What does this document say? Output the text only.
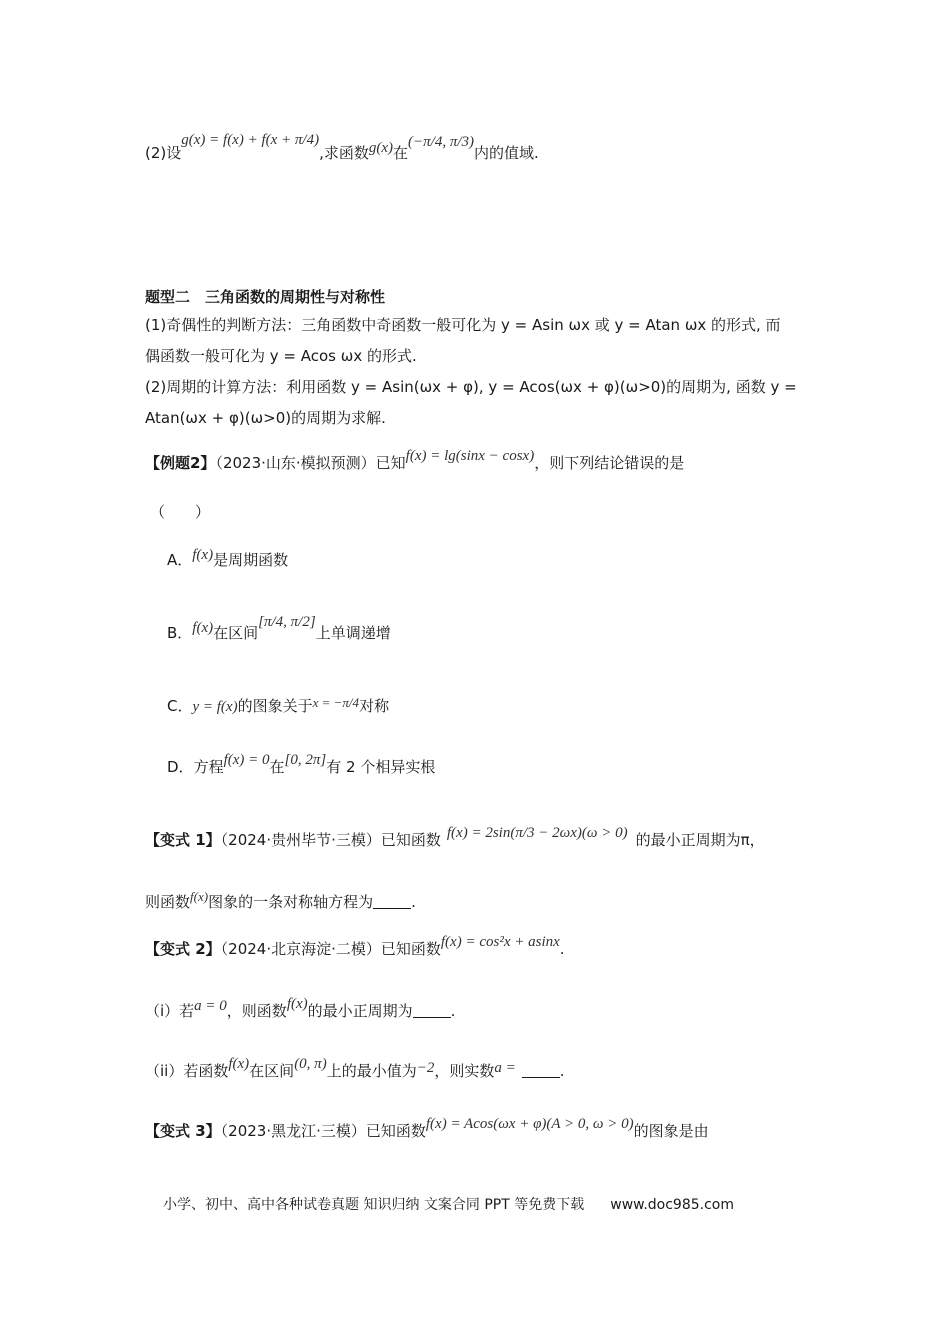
(2)设g(x) = f(x) + f(x + π/4),求函数g(x)在(−π/4, π/3)内的值域.
题型二　三角函数的周期性与对称性
(1)奇偶性的判断方法：三角函数中奇函数一般可化为 y = Asin ωx 或 y = Atan ωx 的形式, 而
偶函数一般可化为 y = Acos ωx 的形式.
(2)周期的计算方法：利用函数 y = Asin(ωx + φ), y = Acos(ωx + φ)(ω>0)的周期为, 函数 y =
Atan(ωx + φ)(ω>0)的周期为求解.
【例题2】（2023·山东·模拟预测）已知f(x) = lg(sinx − cosx)，则下列结论错误的是
（　　）
A．f(x)是周期函数
B．f(x)在区间[π/4, π/2]上单调递增
C．y = f(x)的图象关于x = −π/4对称
D．方程f(x) = 0在[0, 2π]有 2 个相异实根
【变式 1】（2024·贵州毕节·三模）已知函数 f(x) = 2sin(π/3 − 2ωx)(ω > 0) 的最小正周期为π，
则函数f(x)图象的一条对称轴方程为	.
【变式 2】（2024·北京海淀·二模）已知函数f(x) = cos²x + asinx.
（i）若a = 0，则函数f(x)的最小正周期为	.
（ii）若函数f(x)在区间(0, π)上的最小值为−2，则实数a =	.
【变式 3】（2023·黑龙江·三模）已知函数f(x) = Acos(ωx + φ)(A > 0, ω > 0)的图象是由
小学、初中、高中各种试卷真题 知识归纳 文案合同 PPT 等免费下载 www.doc985.com
